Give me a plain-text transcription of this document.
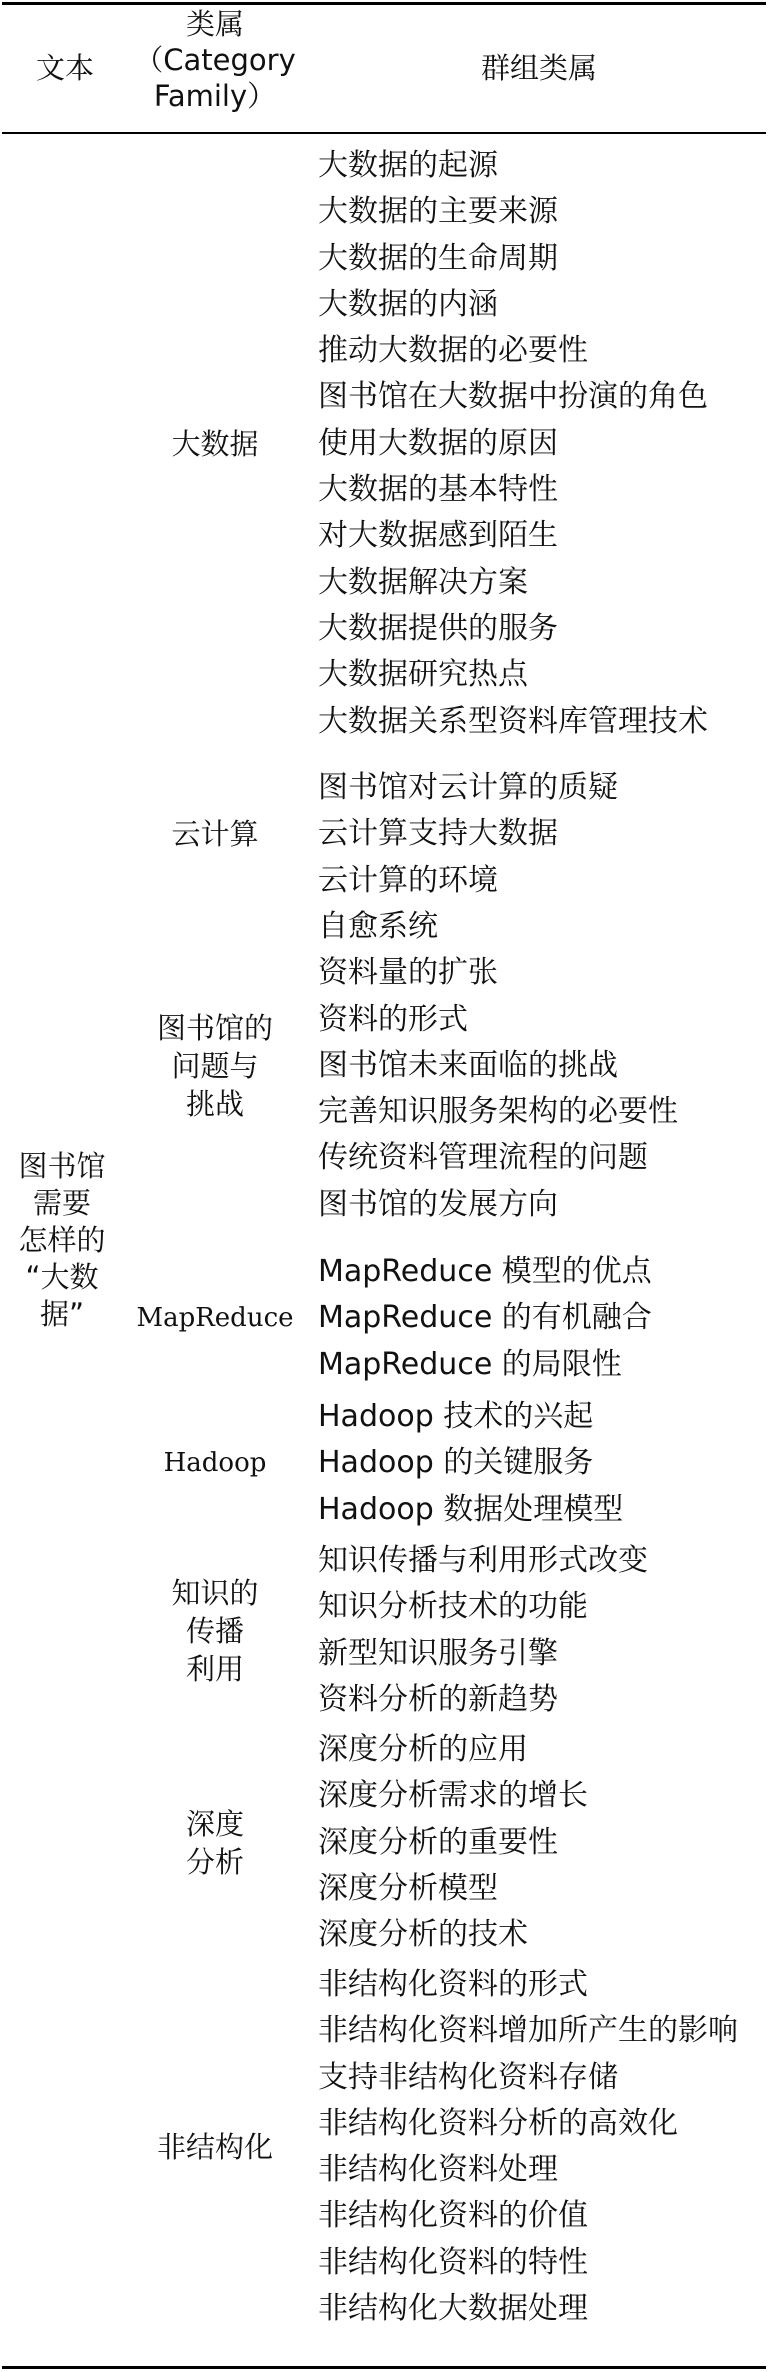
文本
类属
（Category
Family）
群组类属
图书馆
需要
怎样的
“大数
据”
大数据
大数据的起源
大数据的主要来源
大数据的生命周期
大数据的内涵
推动大数据的必要性
图书馆在大数据中扮演的角色
使用大数据的原因
大数据的基本特性
对大数据感到陌生
大数据解决方案
大数据提供的服务
大数据研究热点
大数据关系型资料库管理技术
云计算
图书馆对云计算的质疑
云计算支持大数据
云计算的环境
图书馆的
问题与
挑战
自愈系统
资料量的扩张
资料的形式
图书馆未来面临的挑战
完善知识服务架构的必要性
传统资料管理流程的问题
图书馆的发展方向
MapReduce
MapReduce 模型的优点
MapReduce 的有机融合
MapReduce 的局限性
Hadoop
Hadoop 技术的兴起
Hadoop 的关键服务
Hadoop 数据处理模型
知识的
传播
利用
知识传播与利用形式改变
知识分析技术的功能
新型知识服务引擎
资料分析的新趋势
深度
分析
深度分析的应用
深度分析需求的增长
深度分析的重要性
深度分析模型
深度分析的技术
非结构化
非结构化资料的形式
非结构化资料增加所产生的影响
支持非结构化资料存储
非结构化资料分析的高效化
非结构化资料处理
非结构化资料的价值
非结构化资料的特性
非结构化大数据处理
